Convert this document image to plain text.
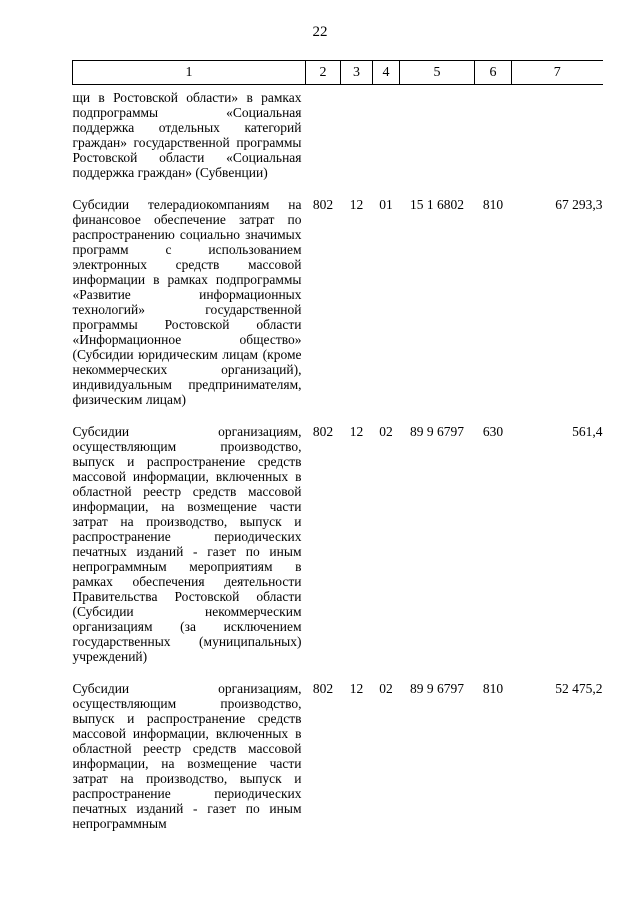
22
1	2	3	4	5	6	7
щи в Ростовской области» в рамках подпрограммы «Социальная поддержка отдельных категорий граждан» государственной программы Ростовской области «Социальная поддержка граждан» (Субвенции)						
Субсидии телерадиокомпаниям на финансовое обеспечение затрат по распространению социально значимых программ с использованием электронных средств массовой информации в рамках подпрограммы «Развитие информационных технологий» государственной программы Ростовской области «Информационное общество» (Субсидии юридическим лицам (кроме некоммерческих организаций), индивидуальным предпринимателям, физическим лицам)	802	12	01	15 1 6802	810	67 293,3
Субсидии организациям, осуществляющим производство, выпуск и распространение средств массовой информации, включенных в областной реестр средств массовой информации, на возмещение части затрат на производство, выпуск и распространение периодических печатных изданий - газет по иным непрограммным мероприятиям в рамках обеспечения деятельности Правительства Ростовской области (Субсидии некоммерческим организациям (за исключением государственных (муниципальных) учреждений)	802	12	02	89 9 6797	630	561,4
Субсидии организациям, осуществляющим производство, выпуск и распространение средств массовой информации, включенных в областной реестр средств массовой информации, на возмещение части затрат на производство, выпуск и распространение периодических печатных изданий - газет по иным непрограммным	802	12	02	89 9 6797	810	52 475,2
